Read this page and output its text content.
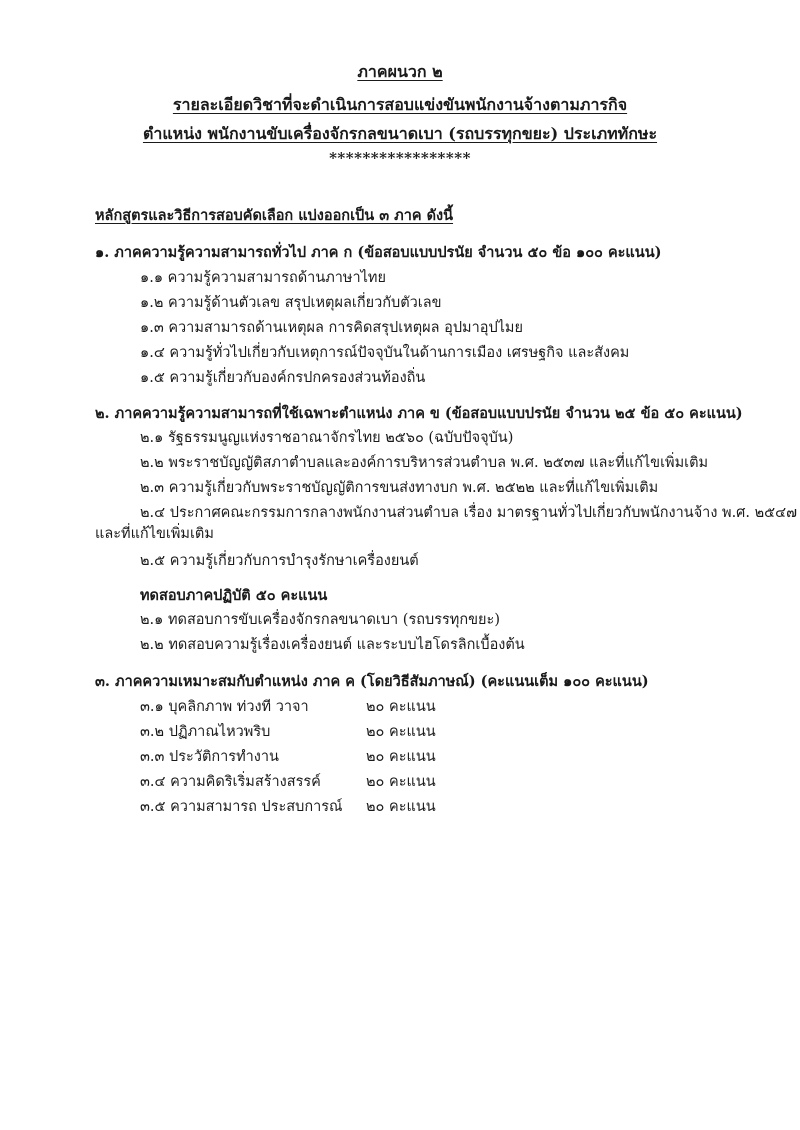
ภาคผนวก ๒
รายละเอียดวิชาที่จะดำเนินการสอบแข่งขันพนักงานจ้างตามภารกิจ
ตำแหน่ง พนักงานขับเครื่องจักรกลขนาดเบา (รถบรรทุกขยะ) ประเภททักษะ
*****************
หลักสูตรและวิธีการสอบคัดเลือก แบ่งออกเป็น ๓ ภาค ดังนี้
๑. ภาคความรู้ความสามารถทั่วไป ภาค ก (ข้อสอบแบบปรนัย จำนวน ๕๐ ข้อ ๑๐๐ คะแนน)
๑.๑ ความรู้ความสามารถด้านภาษาไทย
๑.๒ ความรู้ด้านตัวเลข สรุปเหตุผลเกี่ยวกับตัวเลข
๑.๓ ความสามารถด้านเหตุผล การคิดสรุปเหตุผล อุปมาอุปไมย
๑.๔ ความรู้ทั่วไปเกี่ยวกับเหตุการณ์ปัจจุบันในด้านการเมือง เศรษฐกิจ และสังคม
๑.๕ ความรู้เกี่ยวกับองค์กรปกครองส่วนท้องถิ่น
๒. ภาคความรู้ความสามารถที่ใช้เฉพาะตำแหน่ง ภาค ข (ข้อสอบแบบปรนัย จำนวน ๒๕ ข้อ ๕๐ คะแนน)
๒.๑ รัฐธรรมนูญแห่งราชอาณาจักรไทย ๒๕๖๐ (ฉบับปัจจุบัน)
๒.๒ พระราชบัญญัติสภาตำบลและองค์การบริหารส่วนตำบล พ.ศ. ๒๕๓๗ และที่แก้ไขเพิ่มเติม
๒.๓ ความรู้เกี่ยวกับพระราชบัญญัติการขนส่งทางบก พ.ศ. ๒๕๒๒ และที่แก้ไขเพิ่มเติม
๒.๔ ประกาศคณะกรรมการกลางพนักงานส่วนตำบล เรื่อง มาตรฐานทั่วไปเกี่ยวกับพนักงานจ้าง พ.ศ. ๒๕๔๗
และที่แก้ไขเพิ่มเติม
๒.๕ ความรู้เกี่ยวกับการบำรุงรักษาเครื่องยนต์
ทดสอบภาคปฏิบัติ ๕๐ คะแนน
๒.๑ ทดสอบการขับเครื่องจักรกลขนาดเบา (รถบรรทุกขยะ)
๒.๒ ทดสอบความรู้เรื่องเครื่องยนต์ และระบบไฮโดรลิกเบื้องต้น
๓. ภาคความเหมาะสมกับตำแหน่ง ภาค ค (โดยวิธีสัมภาษณ์) (คะแนนเต็ม ๑๐๐ คะแนน)
๓.๑ บุคลิกภาพ ท่วงที วาจา	๒๐ คะแนน
๓.๒ ปฏิภาณไหวพริบ	๒๐ คะแนน
๓.๓ ประวัติการทำงาน	๒๐ คะแนน
๓.๔ ความคิดริเริ่มสร้างสรรค์	๒๐ คะแนน
๓.๕ ความสามารถ ประสบการณ์ ๒๐ คะแนน
